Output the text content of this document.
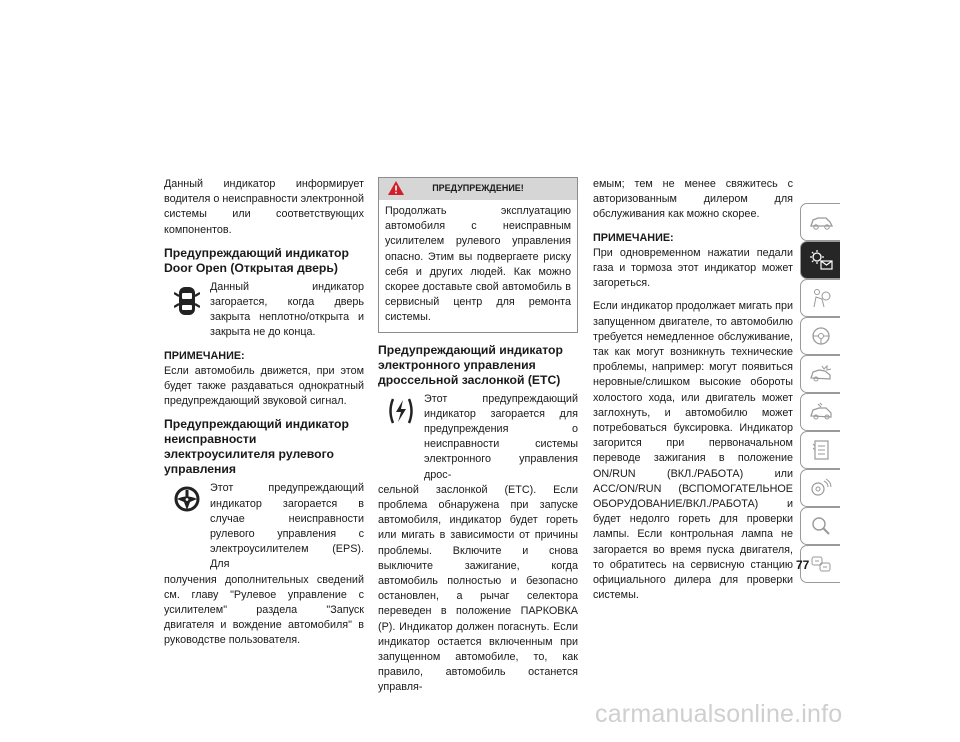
Данный индикатор информирует водителя о неисправности электронной системы или соответствующих компонентов.

Предупреждающий индикатор Door Open (Открытая дверь)

Данный индикатор загорается, когда дверь закрыта неплотно/открыта и закрыта не до конца.

ПРИМЕЧАНИЕ:

Если автомобиль движется, при этом будет также раздаваться однократный предупреждающий звуковой сигнал.

Предупреждающий индикатор неисправности электроусилителя рулевого управления

Этот предупреждающий индикатор загорается в случае неисправности рулевого управления с электроусилителем (EPS). Для

получения дополнительных сведений см. главу "Рулевое управление с усилителем" раздела "Запуск двигателя и вождение автомобиля" в руководстве пользователя.

ПРЕДУПРЕЖДЕНИЕ!

Продолжать эксплуатацию автомобиля с неисправным усилителем рулевого управления опасно. Этим вы подвергаете риску себя и других людей. Как можно скорее доставьте свой автомобиль в сервисный центр для ремонта системы.

Предупреждающий индикатор электронного управления дроссельной заслонкой (ETC)

Этот предупреждающий индикатор загорается для предупреждения о неисправности системы электронного управления дрос-

сельной заслонкой (ETC). Если проблема обнаружена при запуске автомобиля, индикатор будет гореть или мигать в зависимости от причины проблемы. Включите и снова выключите зажигание, когда автомобиль полностью и безопасно остановлен, а рычаг селектора переведен в положение ПАРКОВКА (P). Индикатор должен погаснуть. Если индикатор остается включенным при запущенном автомобиле, то, как правило, автомобиль останется управля-

емым; тем не менее свяжитесь с авторизованным дилером для обслуживания как можно скорее.

ПРИМЕЧАНИЕ:

При одновременном нажатии педали газа и тормоза этот индикатор может загореться.

Если индикатор продолжает мигать при запущенном двигателе, то автомобилю требуется немедленное обслуживание, так как могут возникнуть технические проблемы, например: могут появиться неровные/слишком высокие обороты холостого хода, или двигатель может заглохнуть, и автомобилю может потребоваться буксировка. Индикатор загорится при первоначальном переводе зажигания в положение ON/RUN (ВКЛ./РАБОТА) или ACC/ON/RUN (ВСПОМОГАТЕЛЬНОЕ ОБОРУДОВАНИЕ/ВКЛ./РАБОТА) и будет недолго гореть для проверки лампы. Если контрольная лампа не загорается во время пуска двигателя, то обратитесь на сервисную станцию официального дилера для проверки системы.

77
carmanualsonline.info
